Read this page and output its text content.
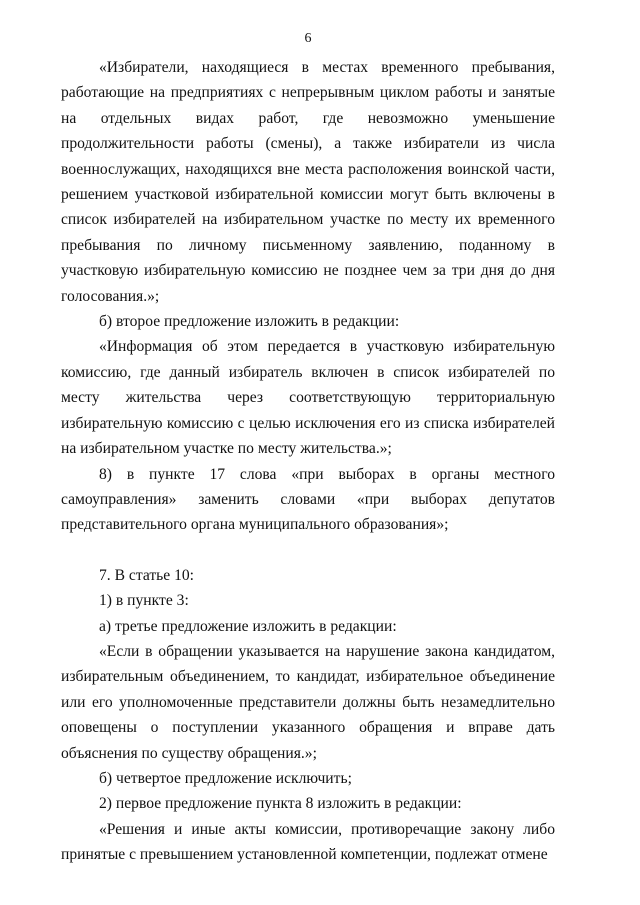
6

«Избиратели, находящиеся в местах временного пребывания, работающие на предприятиях с непрерывным циклом работы и занятые на отдельных видах работ, где невозможно уменьшение продолжительности работы (смены), а также избиратели из числа военнослужащих, находящихся вне места расположения воинской части, решением участковой избирательной комиссии могут быть включены в список избирателей на избирательном участке по месту их временного пребывания по личному письменному заявлению, поданному в участковую избирательную комиссию не позднее чем за три дня до дня голосования.»;

б) второе предложение изложить в редакции:

«Информация об этом передается в участковую избирательную комиссию, где данный избиратель включен в список избирателей по месту жительства через соответствующую территориальную избирательную комиссию с целью исключения его из списка избирателей на избирательном участке по месту жительства.»;

8) в пункте 17 слова «при выборах в органы местного самоуправления» заменить словами «при выборах депутатов представительного органа муниципального образования»;

7. В статье 10:

1) в пункте 3:

а) третье предложение изложить в редакции:

«Если в обращении указывается на нарушение закона кандидатом, избирательным объединением, то кандидат, избирательное объединение или его уполномоченные представители должны быть незамедлительно оповещены о поступлении указанного обращения и вправе дать объяснения по существу обращения.»;

б) четвертое предложение исключить;

2) первое предложение пункта 8 изложить в редакции:

«Решения и иные акты комиссии, противоречащие закону либо принятые с превышением установленной компетенции, подлежат отмене
